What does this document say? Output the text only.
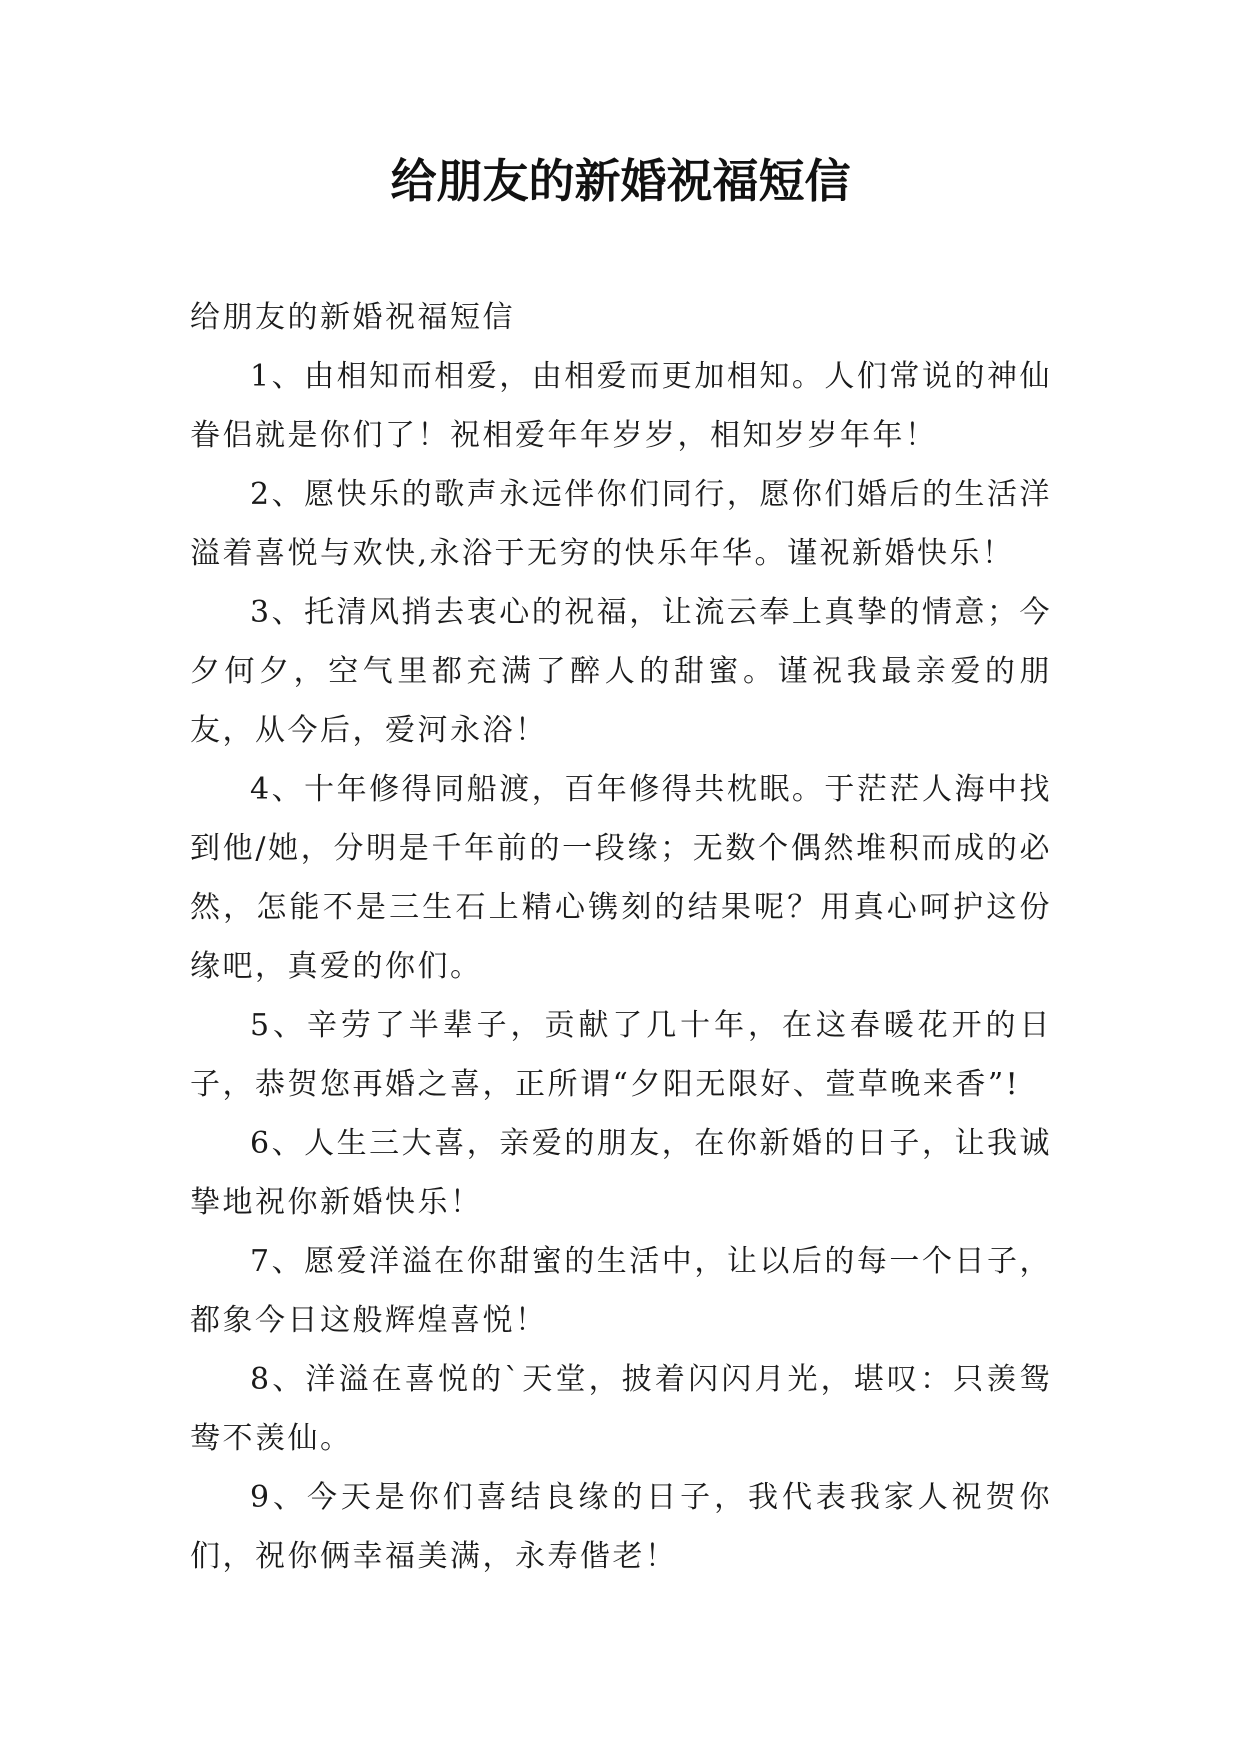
给朋友的新婚祝福短信

给朋友的新婚祝福短信

1、由相知而相爱，由相爱而更加相知。人们常说的神仙眷侣就是你们了！祝相爱年年岁岁，相知岁岁年年！

2、愿快乐的歌声永远伴你们同行，愿你们婚后的生活洋溢着喜悦与欢快,永浴于无穷的快乐年华。谨祝新婚快乐！

3、托清风捎去衷心的祝福，让流云奉上真挚的情意；今夕何夕，空气里都充满了醉人的甜蜜。谨祝我最亲爱的朋友，从今后，爱河永浴！

4、十年修得同船渡，百年修得共枕眠。于茫茫人海中找到他/她，分明是千年前的一段缘；无数个偶然堆积而成的必然，怎能不是三生石上精心镌刻的结果呢？用真心呵护这份缘吧，真爱的你们。

5、辛劳了半辈子，贡献了几十年，在这春暖花开的日子，恭贺您再婚之喜，正所谓“夕阳无限好、萱草晚来香”!

6、人生三大喜，亲爱的朋友，在你新婚的日子，让我诚挚地祝你新婚快乐！

7、愿爱洋溢在你甜蜜的生活中，让以后的每一个日子，都象今日这般辉煌喜悦！

8、洋溢在喜悦的`天堂，披着闪闪月光，堪叹：只羡鸳鸯不羡仙。

9、今天是你们喜结良缘的日子，我代表我家人祝贺你们，祝你俩幸福美满，永寿偕老！
